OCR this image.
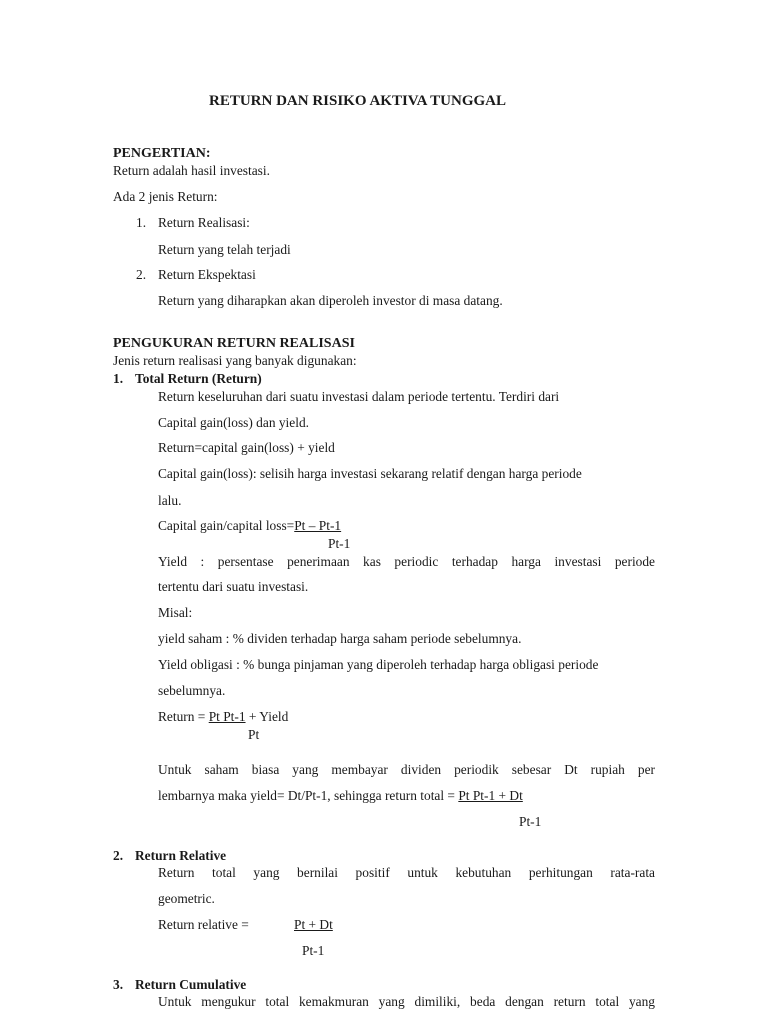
RETURN DAN RISIKO AKTIVA TUNGGAL
PENGERTIAN:
Return adalah hasil investasi.
Ada 2 jenis Return:
1. Return Realisasi:
Return yang telah terjadi
2. Return Ekspektasi
Return yang diharapkan akan diperoleh investor di masa datang.
PENGUKURAN RETURN REALISASI
Jenis return realisasi yang banyak digunakan:
1. Total Return (Return)
Return keseluruhan dari suatu investasi dalam periode tertentu. Terdiri dari
Capital gain(loss) dan yield.
Return=capital gain(loss) + yield
Capital gain(loss): selisih harga investasi sekarang relatif dengan harga periode
lalu.
Capital gain/capital loss=Pt – Pt-1
Pt-1
Yield : persentase penerimaan kas periodic terhadap harga investasi periode
tertentu dari suatu investasi.
Misal:
yield saham : % dividen terhadap harga saham periode sebelumnya.
Yield obligasi : % bunga pinjaman yang diperoleh terhadap harga obligasi periode
sebelumnya.
Return = Pt Pt-1 + Yield
Pt
Untuk saham biasa yang membayar dividen periodik sebesar Dt rupiah per
lembarnya maka yield= Dt/Pt-1, sehingga return total = Pt Pt-1 + Dt
Pt-1
2. Return Relative
Return total yang bernilai positif untuk kebutuhan perhitungan rata-rata
geometric.
Return relative =	Pt + Dt
Pt-1
3. Return Cumulative
Untuk mengukur total kemakmuran yang dimiliki, beda dengan return total yang
